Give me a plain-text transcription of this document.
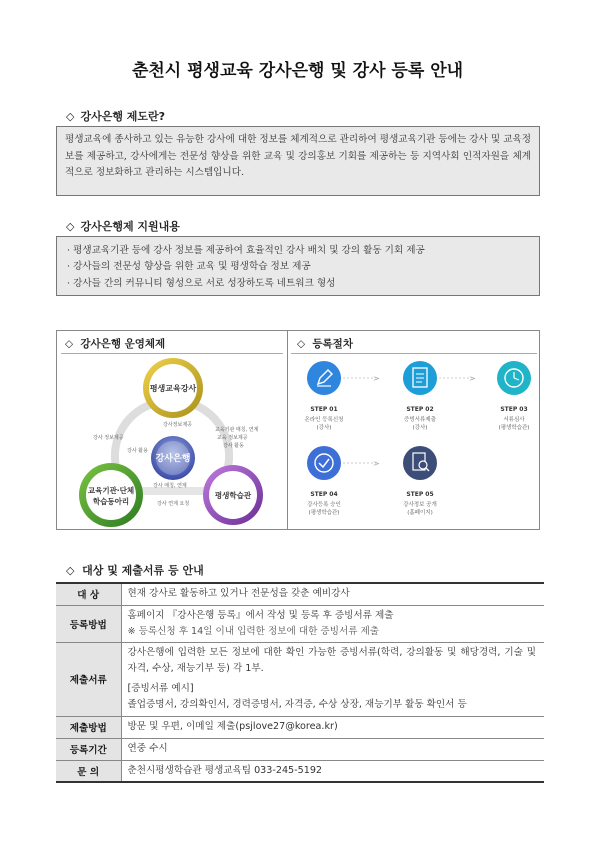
춘천시 평생교육 강사은행 및 강사 등록 안내
◇ 강사은행 제도란?
평생교육에 종사하고 있는 유능한 강사에 대한 정보를 체계적으로 관리하여 평생교육기관 등에는 강사 및 교육정보를 제공하고, 강사에게는 전문성 향상을 위한 교육 및 강의홍보 기회를 제공하는 등 지역사회 인적자원을 체계적으로 정보화하고 관리하는 시스템입니다.
◇ 강사은행제 지원내용
· 평생교육기관 등에 강사 정보를 제공하여 효율적인 강사 배치 및 강의 활동 기회 제공
· 강사들의 전문성 향상을 위한 교육 및 평생학습 정보 제공
· 강사들 간의 커뮤니티 형성으로 서로 성장하도록 네트워크 형성
◇ 강사은행 운영체제	◇ 등록절차
평생교육강사
강사은행
교육기관·단체
학습동아리
평생학습관
강사 정보제공
강사 활용
강사정보제공
교육기관 매칭, 연계
교육 정보제공
강사 활동
강사 매칭, 연계
강사 연계 요청
>	>
>
STEP 01
온라인 등록신청
(강사)
STEP 02
증빙서류제출
(강사)
STEP 03
서류심사
(평생학습관)
STEP 04
강사등록 승인
(평생학습관)
STEP 05
강사정보 공개
(홈페이지)
◇ 대상 및 제출서류 등 안내
대 상	현재 강사로 활동하고 있거나 전문성을 갖춘 예비강사
등록방법	홈페이지 『강사은행 등록』에서 작성 및 등록 후 증빙서류 제출
※ 등록신청 후 14일 이내 입력한 정보에 대한 증빙서류 제출

제출서류	강사은행에 입력한 모든 정보에 대한 확인 가능한 증빙서류(학력, 강의활동 및 해당경력, 기술 및 자격, 수상, 재능기부 등) 각 1부.
[증빙서류 예시]
졸업증명서, 강의확인서, 경력증명서, 자격증, 수상 상장, 재능기부 활동 확인서 등

제출방법	방문 및 우편, 이메일 제출(psjlove27@korea.kr)
등록기간	연중 수시
문 의	춘천시평생학습관 평생교육팀 033-245-5192
